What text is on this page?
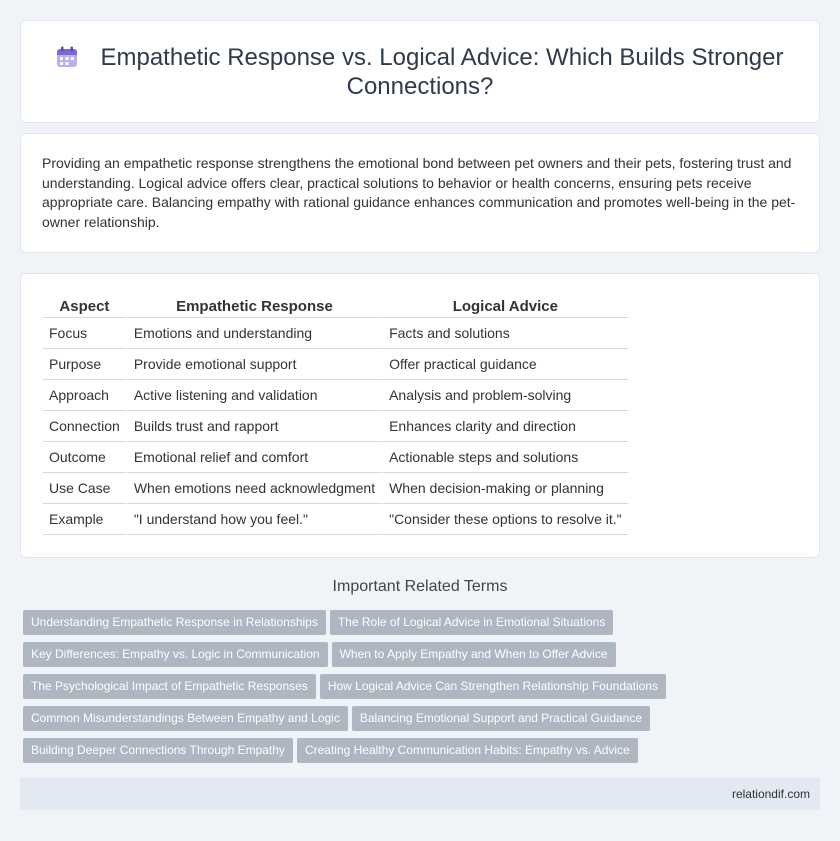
Empathetic Response vs. Logical Advice: Which Builds Stronger Connections?

Providing an empathetic response strengthens the emotional bond between pet owners and their pets, fostering trust and understanding. Logical advice offers clear, practical solutions to behavior or health concerns, ensuring pets receive appropriate care. Balancing empathy with rational guidance enhances communication and promotes well-being in the pet-owner relationship.

Aspect	Empathetic Response	Logical Advice
Focus	Emotions and understanding	Facts and solutions
Purpose	Provide emotional support	Offer practical guidance
Approach	Active listening and validation	Analysis and problem-solving
Connection	Builds trust and rapport	Enhances clarity and direction
Outcome	Emotional relief and comfort	Actionable steps and solutions
Use Case	When emotions need acknowledgment	When decision-making or planning
Example	"I understand how you feel."	"Consider these options to resolve it."
Important Related Terms
Understanding Empathetic Response in Relationships The Role of Logical Advice in Emotional Situations
Key Differences: Empathy vs. Logic in Communication When to Apply Empathy and When to Offer Advice
The Psychological Impact of Empathetic Responses How Logical Advice Can Strengthen Relationship Foundations
Common Misunderstandings Between Empathy and Logic Balancing Emotional Support and Practical Guidance
Building Deeper Connections Through Empathy Creating Healthy Communication Habits: Empathy vs. Advice
relationdif.com
